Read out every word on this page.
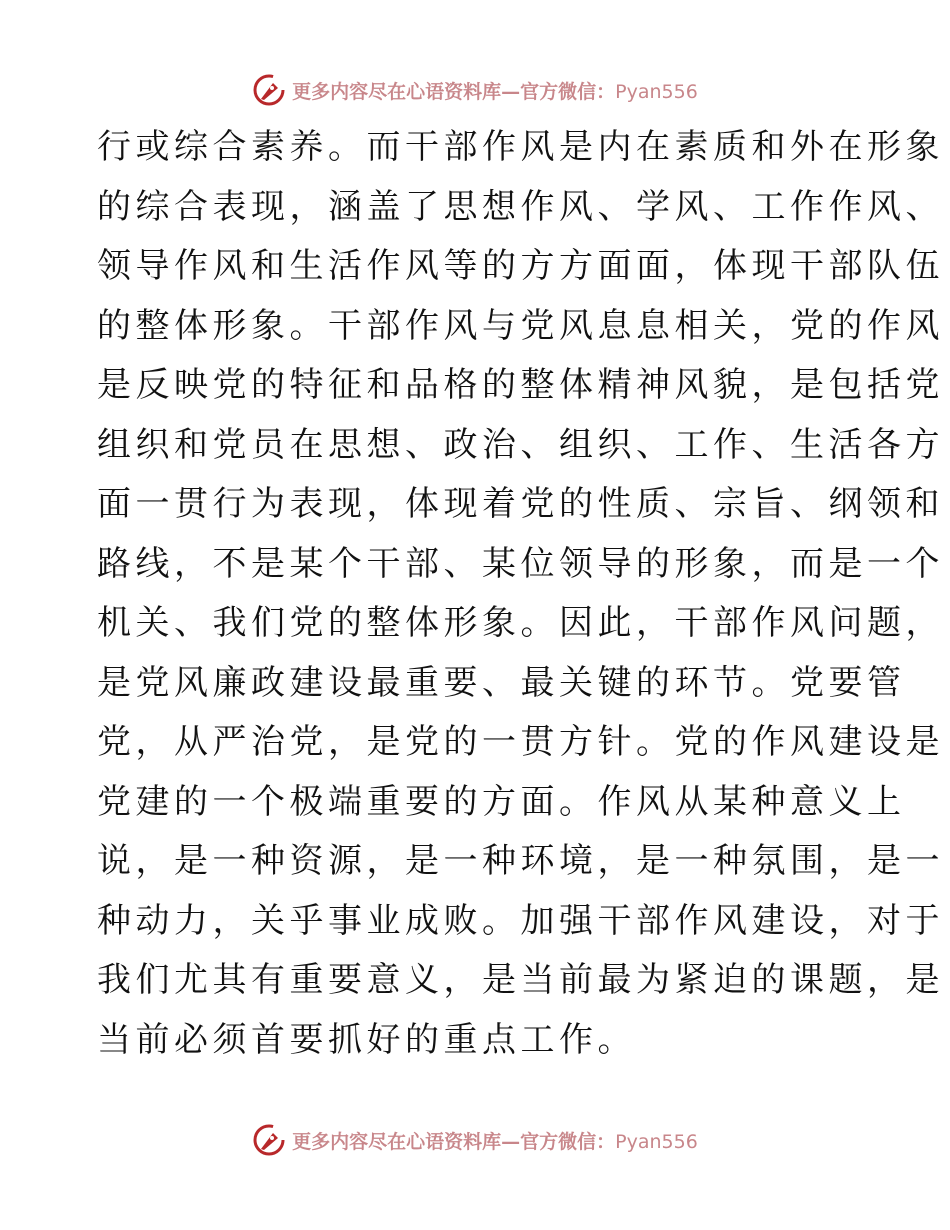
更多内容尽在心语资料库—官方微信：Pyan556
行或综合素养。而干部作风是内在素质和外在形象
的综合表现，涵盖了思想作风、学风、工作作风、
领导作风和生活作风等的方方面面，体现干部队伍
的整体形象。干部作风与党风息息相关，党的作风
是反映党的特征和品格的整体精神风貌，是包括党
组织和党员在思想、政治、组织、工作、生活各方
面一贯行为表现，体现着党的性质、宗旨、纲领和
路线，不是某个干部、某位领导的形象，而是一个
机关、我们党的整体形象。因此，干部作风问题，
是党风廉政建设最重要、最关键的环节。党要管
党，从严治党，是党的一贯方针。党的作风建设是
党建的一个极端重要的方面。作风从某种意义上
说，是一种资源，是一种环境，是一种氛围，是一
种动力，关乎事业成败。加强干部作风建设，对于
我们尤其有重要意义，是当前最为紧迫的课题，是
当前必须首要抓好的重点工作。
更多内容尽在心语资料库—官方微信：Pyan556
